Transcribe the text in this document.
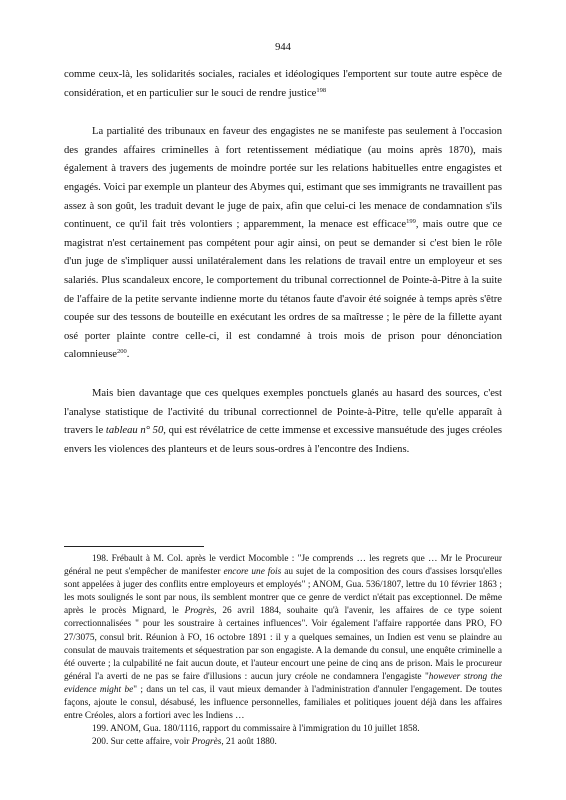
944

comme ceux-là, les solidarités sociales, raciales et idéologiques l'emportent sur toute autre espèce de considération, et en particulier sur le souci de rendre justice$^{198}$

La partialité des tribunaux en faveur des engagistes ne se manifeste pas seulement à l'occasion des grandes affaires criminelles à fort retentissement médiatique (au moins après 1870), mais également à travers des jugements de moindre portée sur les relations habituelles entre engagistes et engagés. Voici par exemple un planteur des Abymes qui, estimant que ses immigrants ne travaillent pas assez à son goût, les traduit devant le juge de paix, afin que celui-ci les menace de condamnation s'ils continuent, ce qu'il fait très volontiers ; apparemment, la menace est efficace$^{199}$, mais outre que ce magistrat n'est certainement pas compétent pour agir ainsi, on peut se demander si c'est bien le rôle d'un juge de s'impliquer aussi unilatéralement dans les relations de travail entre un employeur et ses salariés. Plus scandaleux encore, le comportement du tribunal correctionnel de Pointe-à-Pitre à la suite de l'affaire de la petite servante indienne morte du tétanos faute d'avoir été soignée à temps après s'être coupée sur des tessons de bouteille en exécutant les ordres de sa maîtresse ; le père de la fillette ayant osé porter plainte contre celle-ci, il est condamné à trois mois de prison pour dénonciation calomnieuse$^{200}$.

Mais bien davantage que ces quelques exemples ponctuels glanés au hasard des sources, c'est l'analyse statistique de l'activité du tribunal correctionnel de Pointe-à-Pitre, telle qu'elle apparaît à travers le tableau n° 50, qui est révélatrice de cette immense et excessive mansuétude des juges créoles envers les violences des planteurs et de leurs sous-ordres à l'encontre des Indiens.

198. Frébault à M. Col. après le verdict Mocomble : "Je comprends … les regrets que … Mr le Procureur général ne peut s'empêcher de manifester encore une fois au sujet de la composition des cours d'assises lorsqu'elles sont appelées à juger des conflits entre employeurs et employés" ; ANOM, Gua. 536/1807, lettre du 10 février 1863 ; les mots soulignés le sont par nous, ils semblent montrer que ce genre de verdict n'était pas exceptionnel. De même après le procès Mignard, le Progrès, 26 avril 1884, souhaite qu'à l'avenir, les affaires de ce type soient correctionnalisées " pour les soustraire à certaines influences". Voir également l'affaire rapportée dans PRO, FO 27/3075, consul brit. Réunion à FO, 16 octobre 1891 : il y a quelques semaines, un Indien est venu se plaindre au consulat de mauvais traitements et séquestration par son engagiste. A la demande du consul, une enquête criminelle a été ouverte ; la culpabilité ne fait aucun doute, et l'auteur encourt une peine de cinq ans de prison. Mais le procureur général l'a averti de ne pas se faire d'illusions : aucun jury créole ne condamnera l'engagiste "however strong the evidence might be" ; dans un tel cas, il vaut mieux demander à l'administration d'annuler l'engagement. De toutes façons, ajoute le consul, désabusé, les influence personnelles, familiales et politiques jouent déjà dans les affaires entre Créoles, alors a fortiori avec les Indiens …

199. ANOM, Gua. 180/1116, rapport du commissaire à l'immigration du 10 juillet 1858.

200. Sur cette affaire, voir Progrès, 21 août 1880.
